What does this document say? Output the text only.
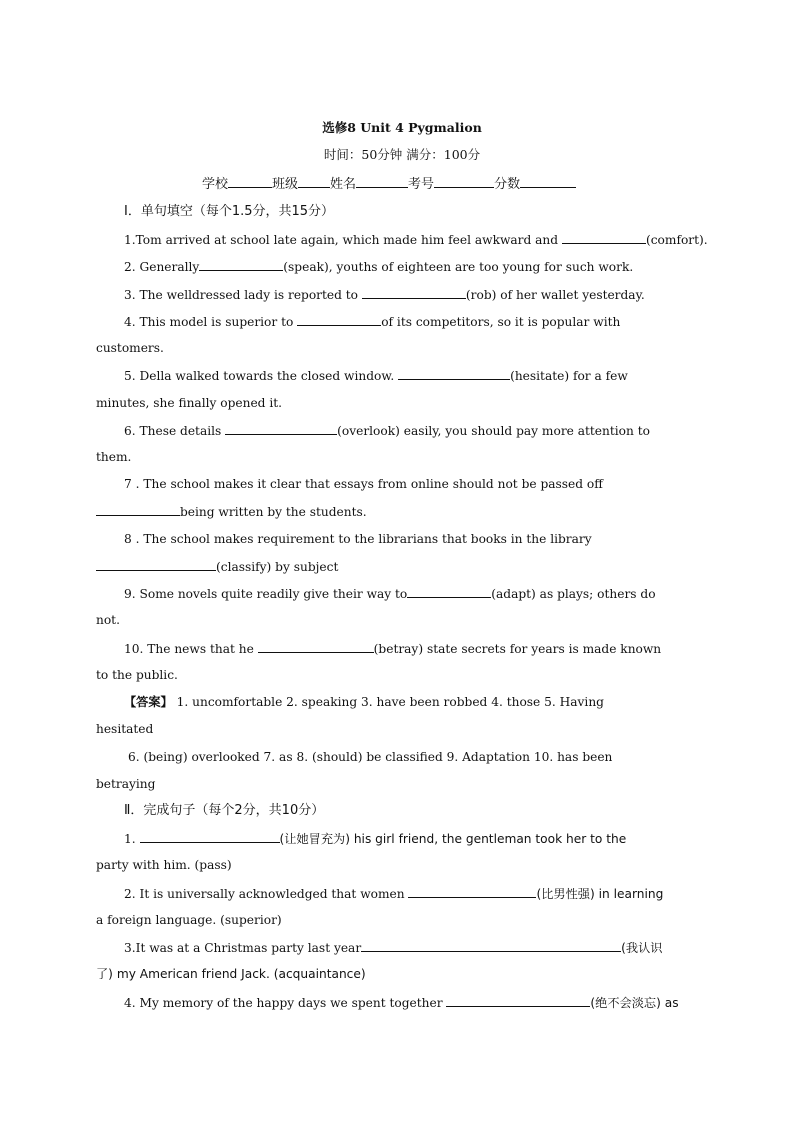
选修8 Unit 4 Pygmalion
时间：50分钟 满分：100分
学校	班级 姓名	考号	分数
Ⅰ．单句填空（每个1.5分，共15分）
1.Tom arrived at school late again, which made him feel awkward and	(comfort).
2. Generally	(speak), youths of eighteen are too young for such work.
3. The welldressed lady is reported to	(rob) of her wallet yesterday.
4. This model is superior to	of its competitors, so it is popular with
customers.
5. Della walked towards the closed window.	(hesitate) for a few
minutes, she finally opened it.
6. These details	(overlook) easily, you should pay more attention to
them.
7 . The school makes it clear that essays from online should not be passed off
being written by the students.
8 . The school makes requirement to the librarians that books in the library
(classify) by subject
9. Some novels quite readily give their way to	(adapt) as plays; others do
not.
10. The news that he	(betray) state secrets for years is made known
to the public.
【答案】 1. uncomfortable 2. speaking 3. have been robbed 4. those 5. Having
hesitated
6. (being) overlooked 7. as 8. (should) be classified 9. Adaptation 10. has been
betraying
Ⅱ．完成句子（每个2分，共10分）
1.	(让她冒充为) his girl friend, the gentleman took her to the
party with him. (pass)
2. It is universally acknowledged that women	(比男性强) in learning
a foreign language. (superior)
3.It was at a Christmas party last year	(我认识
了) my American friend Jack. (acquaintance)
4. My memory of the happy days we spent together	(绝不会淡忘) as
